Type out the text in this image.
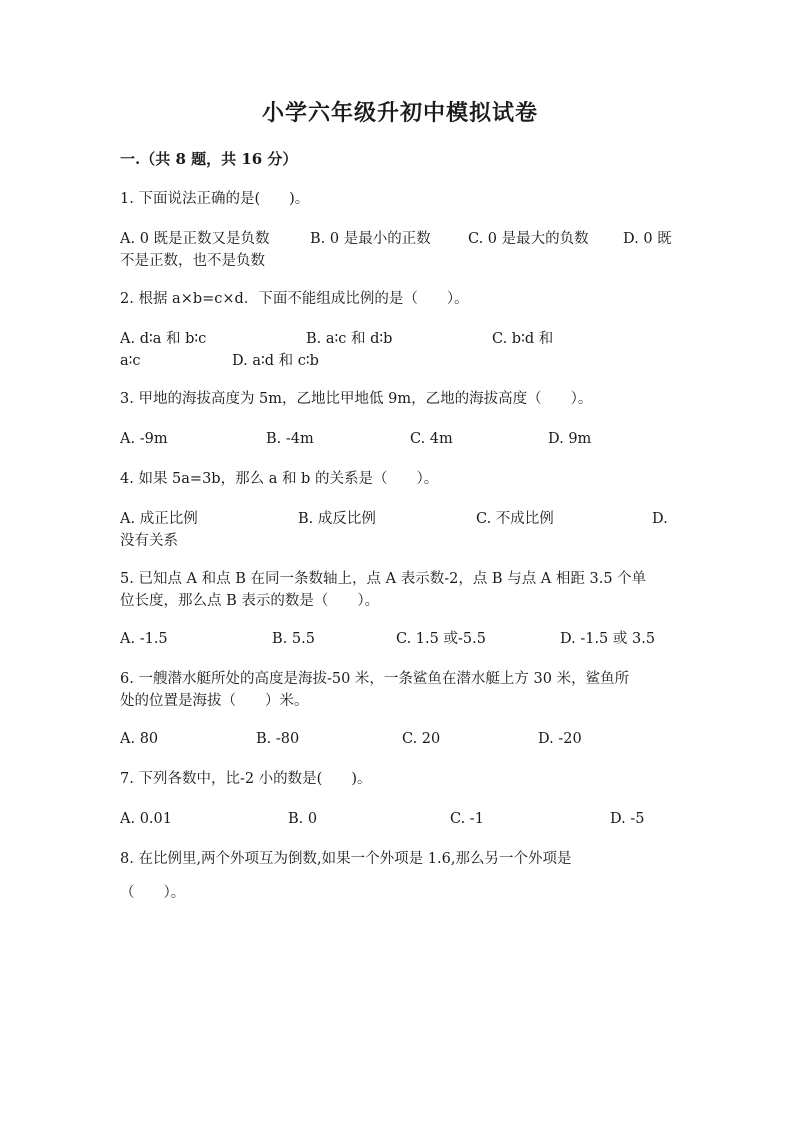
小学六年级升初中模拟试卷
一.（共 8 题，共 16 分）
1. 下面说法正确的是(　　)。
A. 0 既是正数又是负数	B. 0 是最小的正数	C. 0 是最大的负数 D. 0 既
不是正数，也不是负数
2. 根据 a×b=c×d．下面不能组成比例的是（　　）。
A. d∶a 和 b∶c	B. a∶c 和 d∶b	C. b∶d 和
a∶c	D. a∶d 和 c∶b
3. 甲地的海拔高度为 5m，乙地比甲地低 9m，乙地的海拔高度（　　）。
A. -9m	B. -4m	C. 4m	D. 9m
4. 如果 5a=3b，那么 a 和 b 的关系是（　　）。
A. 成正比例	B. 成反比例	C. 不成比例	D.
没有关系
5. 已知点 A 和点 B 在同一条数轴上，点 A 表示数-2，点 B 与点 A 相距 3.5 个单
位长度，那么点 B 表示的数是（　　）。
A. -1.5	B. 5.5	C. 1.5 或-5.5	D. -1.5 或 3.5
6. 一艘潜水艇所处的高度是海拔-50 米，一条鲨鱼在潜水艇上方 30 米，鲨鱼所
处的位置是海拔（　　）米。
A. 80	B. -80	C. 20	D. -20
7. 下列各数中，比-2 小的数是(　　)。
A. 0.01	B. 0	C. -1	D. -5
8. 在比例里,两个外项互为倒数,如果一个外项是 1.6,那么另一个外项是
（　　）。
